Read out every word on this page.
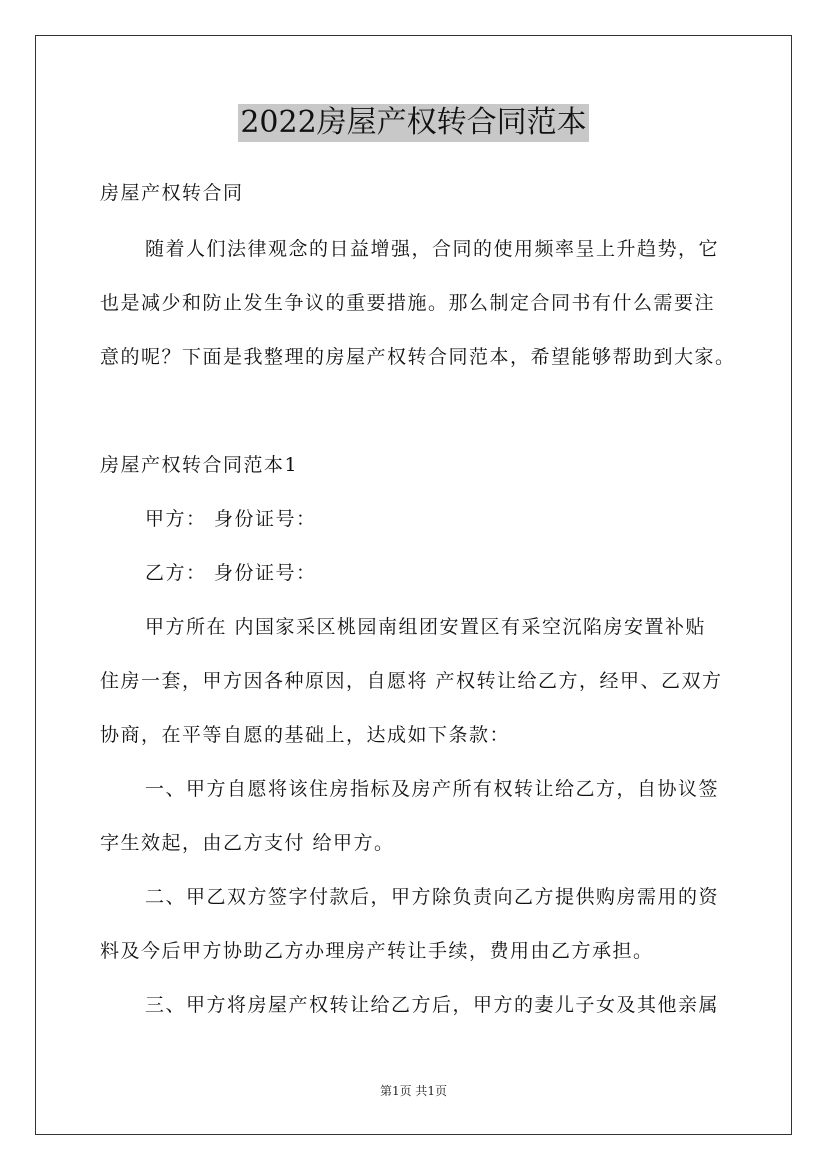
2022房屋产权转合同范本
房屋产权转合同
随着人们法律观念的日益增强，合同的使用频率呈上升趋势，它
也是减少和防止发生争议的重要措施。那么制定合同书有什么需要注
意的呢？下面是我整理的房屋产权转合同范本，希望能够帮助到大家。
房屋产权转合同范本1
甲方： 身份证号：
乙方： 身份证号：
甲方所在 内国家采区桃园南组团安置区有采空沉陷房安置补贴
住房一套，甲方因各种原因，自愿将 产权转让给乙方，经甲、乙双方
协商，在平等自愿的基础上，达成如下条款：
一、甲方自愿将该住房指标及房产所有权转让给乙方，自协议签
字生效起，由乙方支付 给甲方。
二、甲乙双方签字付款后，甲方除负责向乙方提供购房需用的资
料及今后甲方协助乙方办理房产转让手续，费用由乙方承担。
三、甲方将房屋产权转让给乙方后，甲方的妻儿子女及其他亲属
第1页 共1页
